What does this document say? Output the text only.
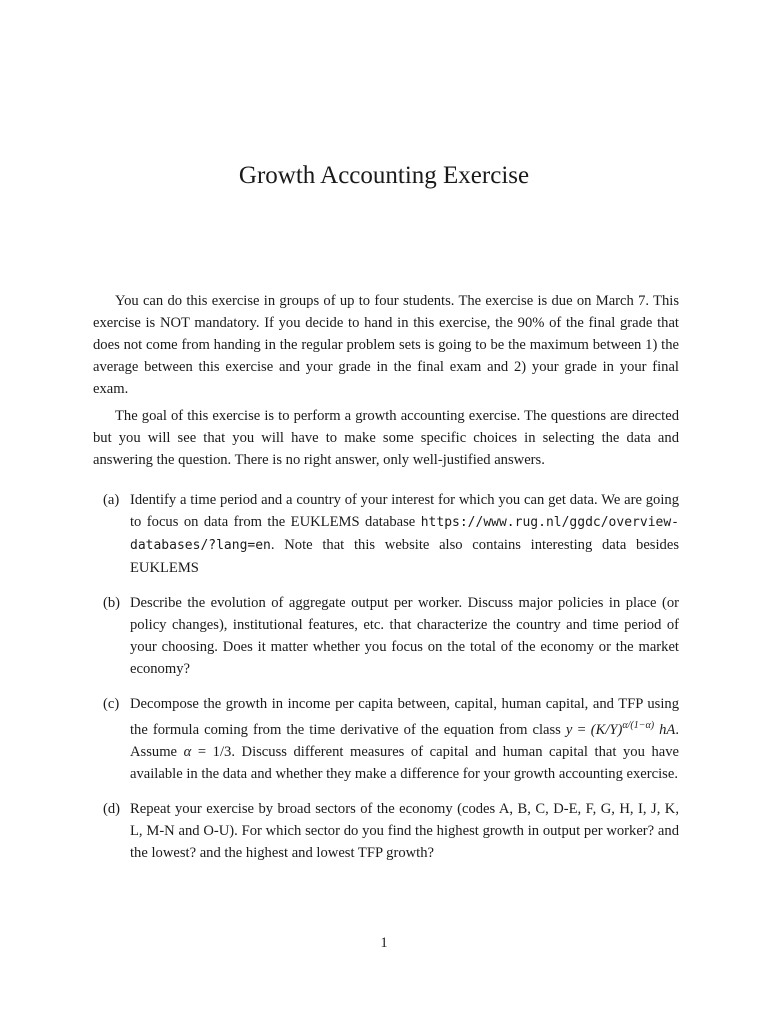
Growth Accounting Exercise

You can do this exercise in groups of up to four students. The exercise is due on March 7. This exercise is NOT mandatory. If you decide to hand in this exercise, the 90% of the final grade that does not come from handing in the regular problem sets is going to be the maximum between 1) the average between this exercise and your grade in the final exam and 2) your grade in your final exam.

The goal of this exercise is to perform a growth accounting exercise. The questions are directed but you will see that you will have to make some specific choices in selecting the data and answering the question. There is no right answer, only well-justified answers.

(a) Identify a time period and a country of your interest for which you can get data. We are going to focus on data from the EUKLEMS database https://www.rug.nl/ggdc/overview-databases/?lang=en. Note that this website also contains interesting data besides EUKLEMS
(b) Describe the evolution of aggregate output per worker. Discuss major policies in place (or policy changes), institutional features, etc. that characterize the country and time period of your choosing. Does it matter whether you focus on the total of the economy or the market economy?
(c) Decompose the growth in income per capita between, capital, human capital, and TFP using the formula coming from the time derivative of the equation from class $y = (K/Y)^{\alpha/(1-\alpha)}$ hA. Assume α = 1/3. Discuss different measures of capital and human capital that you have available in the data and whether they make a difference for your growth accounting exercise.
(d) Repeat your exercise by broad sectors of the economy (codes A, B, C, D-E, F, G, H, I, J, K, L, M-N and O-U). For which sector do you find the highest growth in output per worker? and the lowest? and the highest and lowest TFP growth?
1
